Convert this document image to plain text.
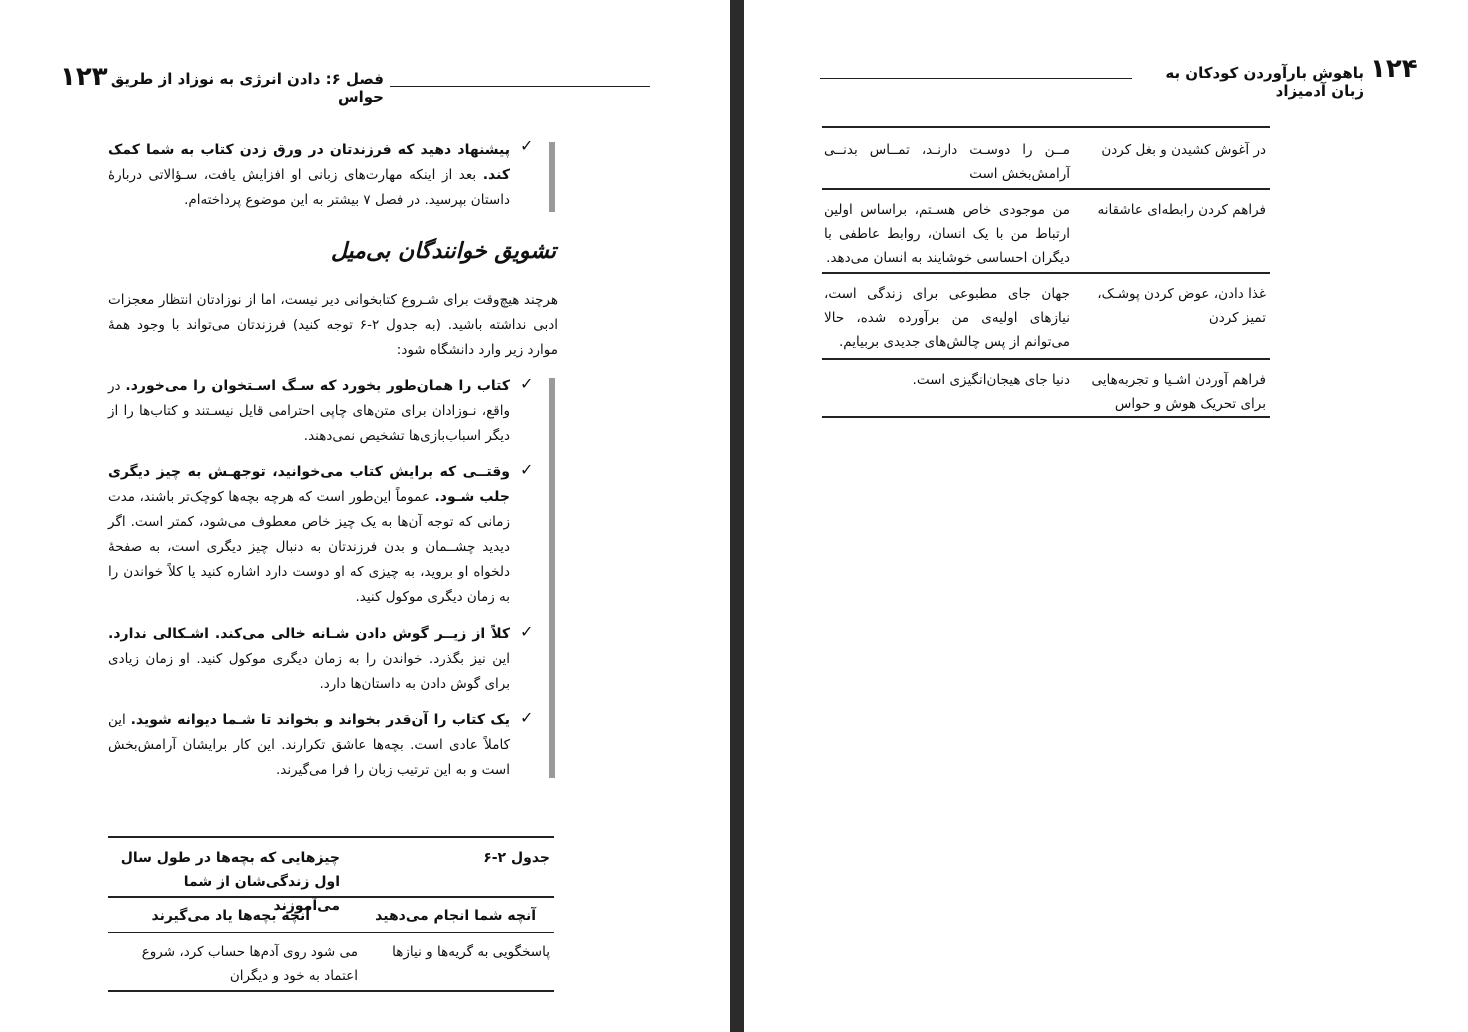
۱۲۳ فصل ۶: دادن انرژی به نوزاد از طریق حواس
✓
پیشنهاد دهید که فرزندتان در ورق زدن کتاب به شما کمک کند. بعد از اینکه مهارت‌های زبانی او افزایش یافت، سـؤالاتی دربارهٔ داستان بپرسید. در فصل ۷ بیشتر به این موضوع پرداخته‌ام.
تشویق خوانندگان بی‌میل
هرچند هیچ‌وقت برای شـروع کتابخوانی دیر نیست، اما از نوزادتان انتظار معجزات ادبی نداشته باشید. (به جدول ۲-۶ توجه کنید) فرزندتان می‌تواند با وجود همهٔ موارد زیر وارد دانشگاه شود:
✓
کتاب را همان‌طور بخورد که سـگ اسـتخوان را می‌خورد. در واقع، نـوزادان برای متن‌های چاپی احترامی قایل نیسـتند و کتاب‌ها را از دیگر اسباب‌بازی‌ها تشخیص نمی‌دهند.
✓
وقتــی که برایش کتاب می‌خوانید، توجهـش به چیز دیگری جلب شـود. عموماً این‌طور است که هرچه بچه‌ها کوچک‌تر باشند، مدت زمانی که توجه آن‌ها به یک چیز خاص معطوف می‌شود، کمتر است. اگر دیدید چشــمان و بدن فرزندتان به دنبال چیز دیگری است، به صفحهٔ دلخواه او بروید، به چیزی که او دوست دارد اشاره کنید یا کلاً خواندن را به زمان دیگری موکول کنید.
✓
کلاً از زیــر گوش دادن شـانه خالی می‌کند. اشـکالی ندارد. این نیز بگذرد. خواندن را به زمان دیگری موکول کنید. او زمان زیادی برای گوش دادن به داستان‌ها دارد.
✓
یک کتاب را آن‌قدر بخواند و بخواند تا شـما دیوانه شوید. این کاملاً عادی است. بچه‌ها عاشق تکرارند. این کار برایشان آرامش‌بخش است و به این ترتیب زبان را فرا می‌گیرند.
جدول ۲-۶
چیزهایی که بچه‌ها در طول سال اول زندگی‌شان از شما می‌آموزند
آنچه شما انجام می‌دهید
آنچه بچه‌ها یاد می‌گیرند
پاسخگویی به گریه‌ها و نیازها
می شود روی آدم‌ها حساب کرد، شروع اعتماد به خود و دیگران
۱۲۴
باهوش بارآوردن کودکان به زبان آدمیزاد
در آغوش کشیدن و بغل کردن
مــن را دوسـت دارنـد، تمــاس بدنــی آرامش‌بخش است
فراهم کردن رابطه‌ای عاشقانه
من موجودی خاص هسـتم، براساس اولین ارتباط من با یک انسان، روابط عاطفی با دیگران احساسی خوشایند به انسان می‌دهد.
غذا دادن، عوض کردن پوشـک، تمیز کردن
جهان جای مطبوعی برای زندگی است، نیازهای اولیه‌ی من برآورده شده، حالا می‌توانم از پس چالش‌های جدیدی بربیایم.
فراهم آوردن اشـیا و تجربه‌هایی برای تحریک هوش و حواس
دنیا جای هیجان‌انگیزی است.
